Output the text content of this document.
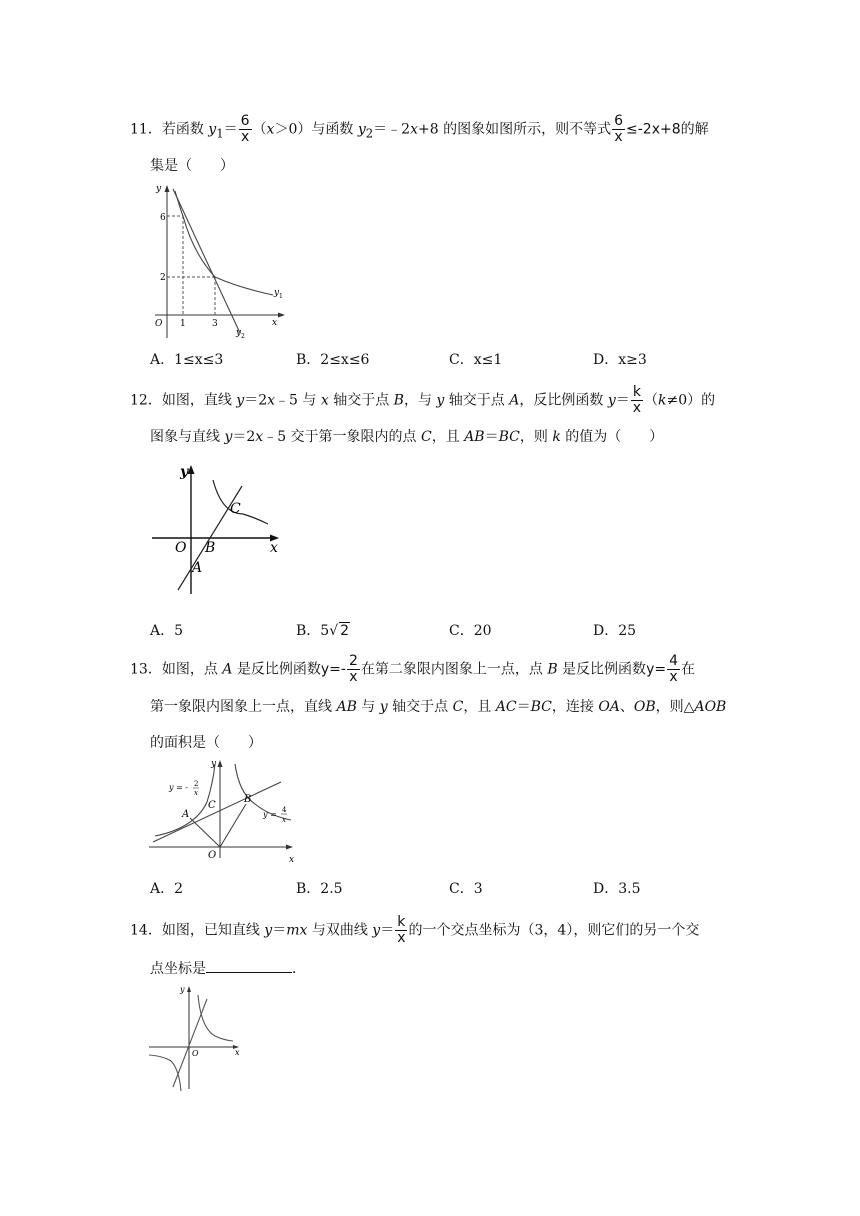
11．若函数 $y_1= \frac{6}{x} (x>0)$与函数 $y_2=﹣2x+8$ 的图象如图所示，则不等式 $\frac{6}{x} \le-2x+8$的解
集是（　　）
y
6
2
O 1	3	x
y 1
y 2
A．1≤x≤3	B．2≤x≤6	C．x≤1	D．x≥3
12．如图，直线 y＝2x﹣5 与 x 轴交于点 B，与 y 轴交于点 A，反比例函数 $y= \frac{k}{x} (k\ne 0)$的
图象与直线 y＝2x﹣5 交于第一象限内的点 C，且 AB＝BC，则 k 的值为（　　）
y
O B
A
C
x
A．5	B．5√ 2	C．20	D．25
13．如图，点 A 是反比例函数$y=- \frac{2}{x}$ 在第二象限内图象上一点，点 B 是反比例函数$y= \frac{4}{x}$ 在
第一象限内图象上一点，直线 AB 与 y 轴交于点 C，且 AC＝BC，连接 OA、OB，则△AOB
的面积是（　　）
y
O	x
A
B
C
y = - 2
x
y = 4
x
A．2	B．2.5	C．3	D．3.5
14．如图，已知直线 y＝mx 与双曲线 $y= \frac{k}{x}$ 的一个交点坐标为（3，4），则它们的另一个交
点坐标是	．
y
O	x
